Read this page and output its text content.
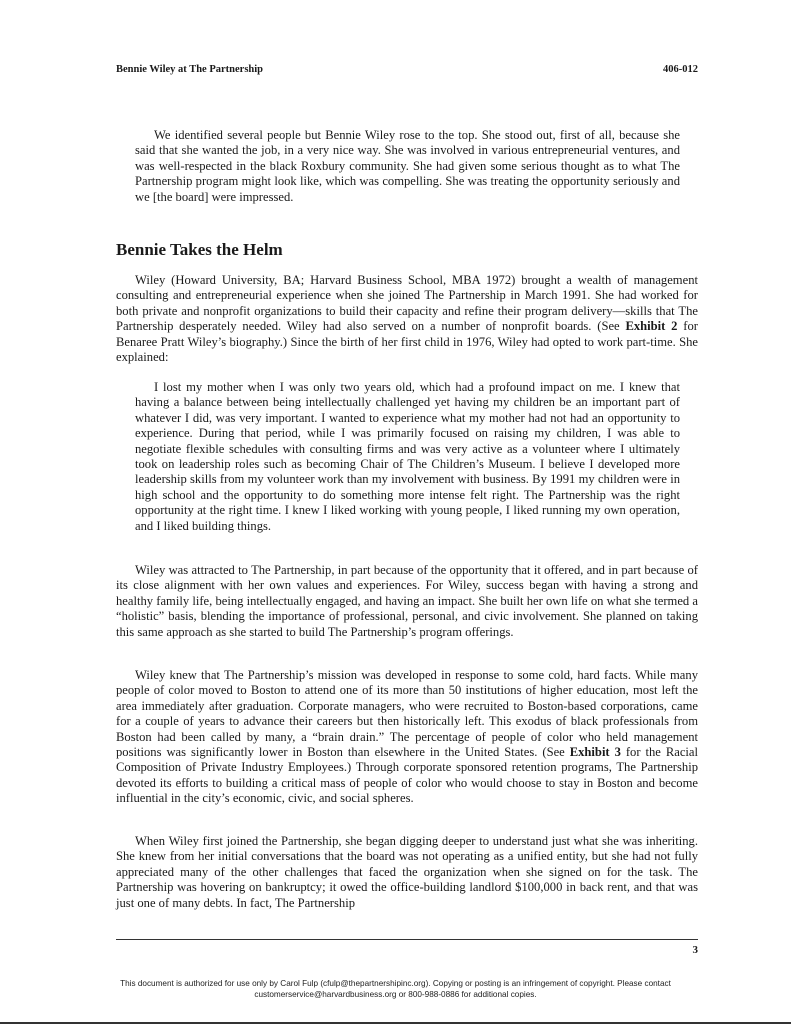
Bennie Wiley at The Partnership	406-012

We identified several people but Bennie Wiley rose to the top. She stood out, first of all, because she said that she wanted the job, in a very nice way. She was involved in various entrepreneurial ventures, and was well-respected in the black Roxbury community. She had given some serious thought as to what The Partnership program might look like, which was compelling. She was treating the opportunity seriously and we [the board] were impressed.

Bennie Takes the Helm

Wiley (Howard University, BA; Harvard Business School, MBA 1972) brought a wealth of management consulting and entrepreneurial experience when she joined The Partnership in March 1991. She had worked for both private and nonprofit organizations to build their capacity and refine their program delivery—skills that The Partnership desperately needed. Wiley had also served on a number of nonprofit boards. (See Exhibit 2 for Benaree Pratt Wiley’s biography.) Since the birth of her first child in 1976, Wiley had opted to work part-time. She explained:

I lost my mother when I was only two years old, which had a profound impact on me. I knew that having a balance between being intellectually challenged yet having my children be an important part of whatever I did, was very important. I wanted to experience what my mother had not had an opportunity to experience. During that period, while I was primarily focused on raising my children, I was able to negotiate flexible schedules with consulting firms and was very active as a volunteer where I ultimately took on leadership roles such as becoming Chair of The Children’s Museum. I believe I developed more leadership skills from my volunteer work than my involvement with business. By 1991 my children were in high school and the opportunity to do something more intense felt right. The Partnership was the right opportunity at the right time. I knew I liked working with young people, I liked running my own operation, and I liked building things.

Wiley was attracted to The Partnership, in part because of the opportunity that it offered, and in part because of its close alignment with her own values and experiences. For Wiley, success began with having a strong and healthy family life, being intellectually engaged, and having an impact. She built her own life on what she termed a “holistic” basis, blending the importance of professional, personal, and civic involvement. She planned on taking this same approach as she started to build The Partnership’s program offerings.

Wiley knew that The Partnership’s mission was developed in response to some cold, hard facts. While many people of color moved to Boston to attend one of its more than 50 institutions of higher education, most left the area immediately after graduation. Corporate managers, who were recruited to Boston-based corporations, came for a couple of years to advance their careers but then historically left. This exodus of black professionals from Boston had been called by many, a “brain drain.” The percentage of people of color who held management positions was significantly lower in Boston than elsewhere in the United States. (See Exhibit 3 for the Racial Composition of Private Industry Employees.) Through corporate sponsored retention programs, The Partnership devoted its efforts to building a critical mass of people of color who would choose to stay in Boston and become influential in the city’s economic, civic, and social spheres.

When Wiley first joined the Partnership, she began digging deeper to understand just what she was inheriting. She knew from her initial conversations that the board was not operating as a unified entity, but she had not fully appreciated many of the other challenges that faced the organization when she signed on for the task. The Partnership was hovering on bankruptcy; it owed the office-building landlord $100,000 in back rent, and that was just one of many debts. In fact, The Partnership

3
This document is authorized for use only by Carol Fulp (cfulp@thepartnershipinc.org). Copying or posting is an infringement of copyright. Please contact
customerservice@harvardbusiness.org or 800-988-0886 for additional copies.
